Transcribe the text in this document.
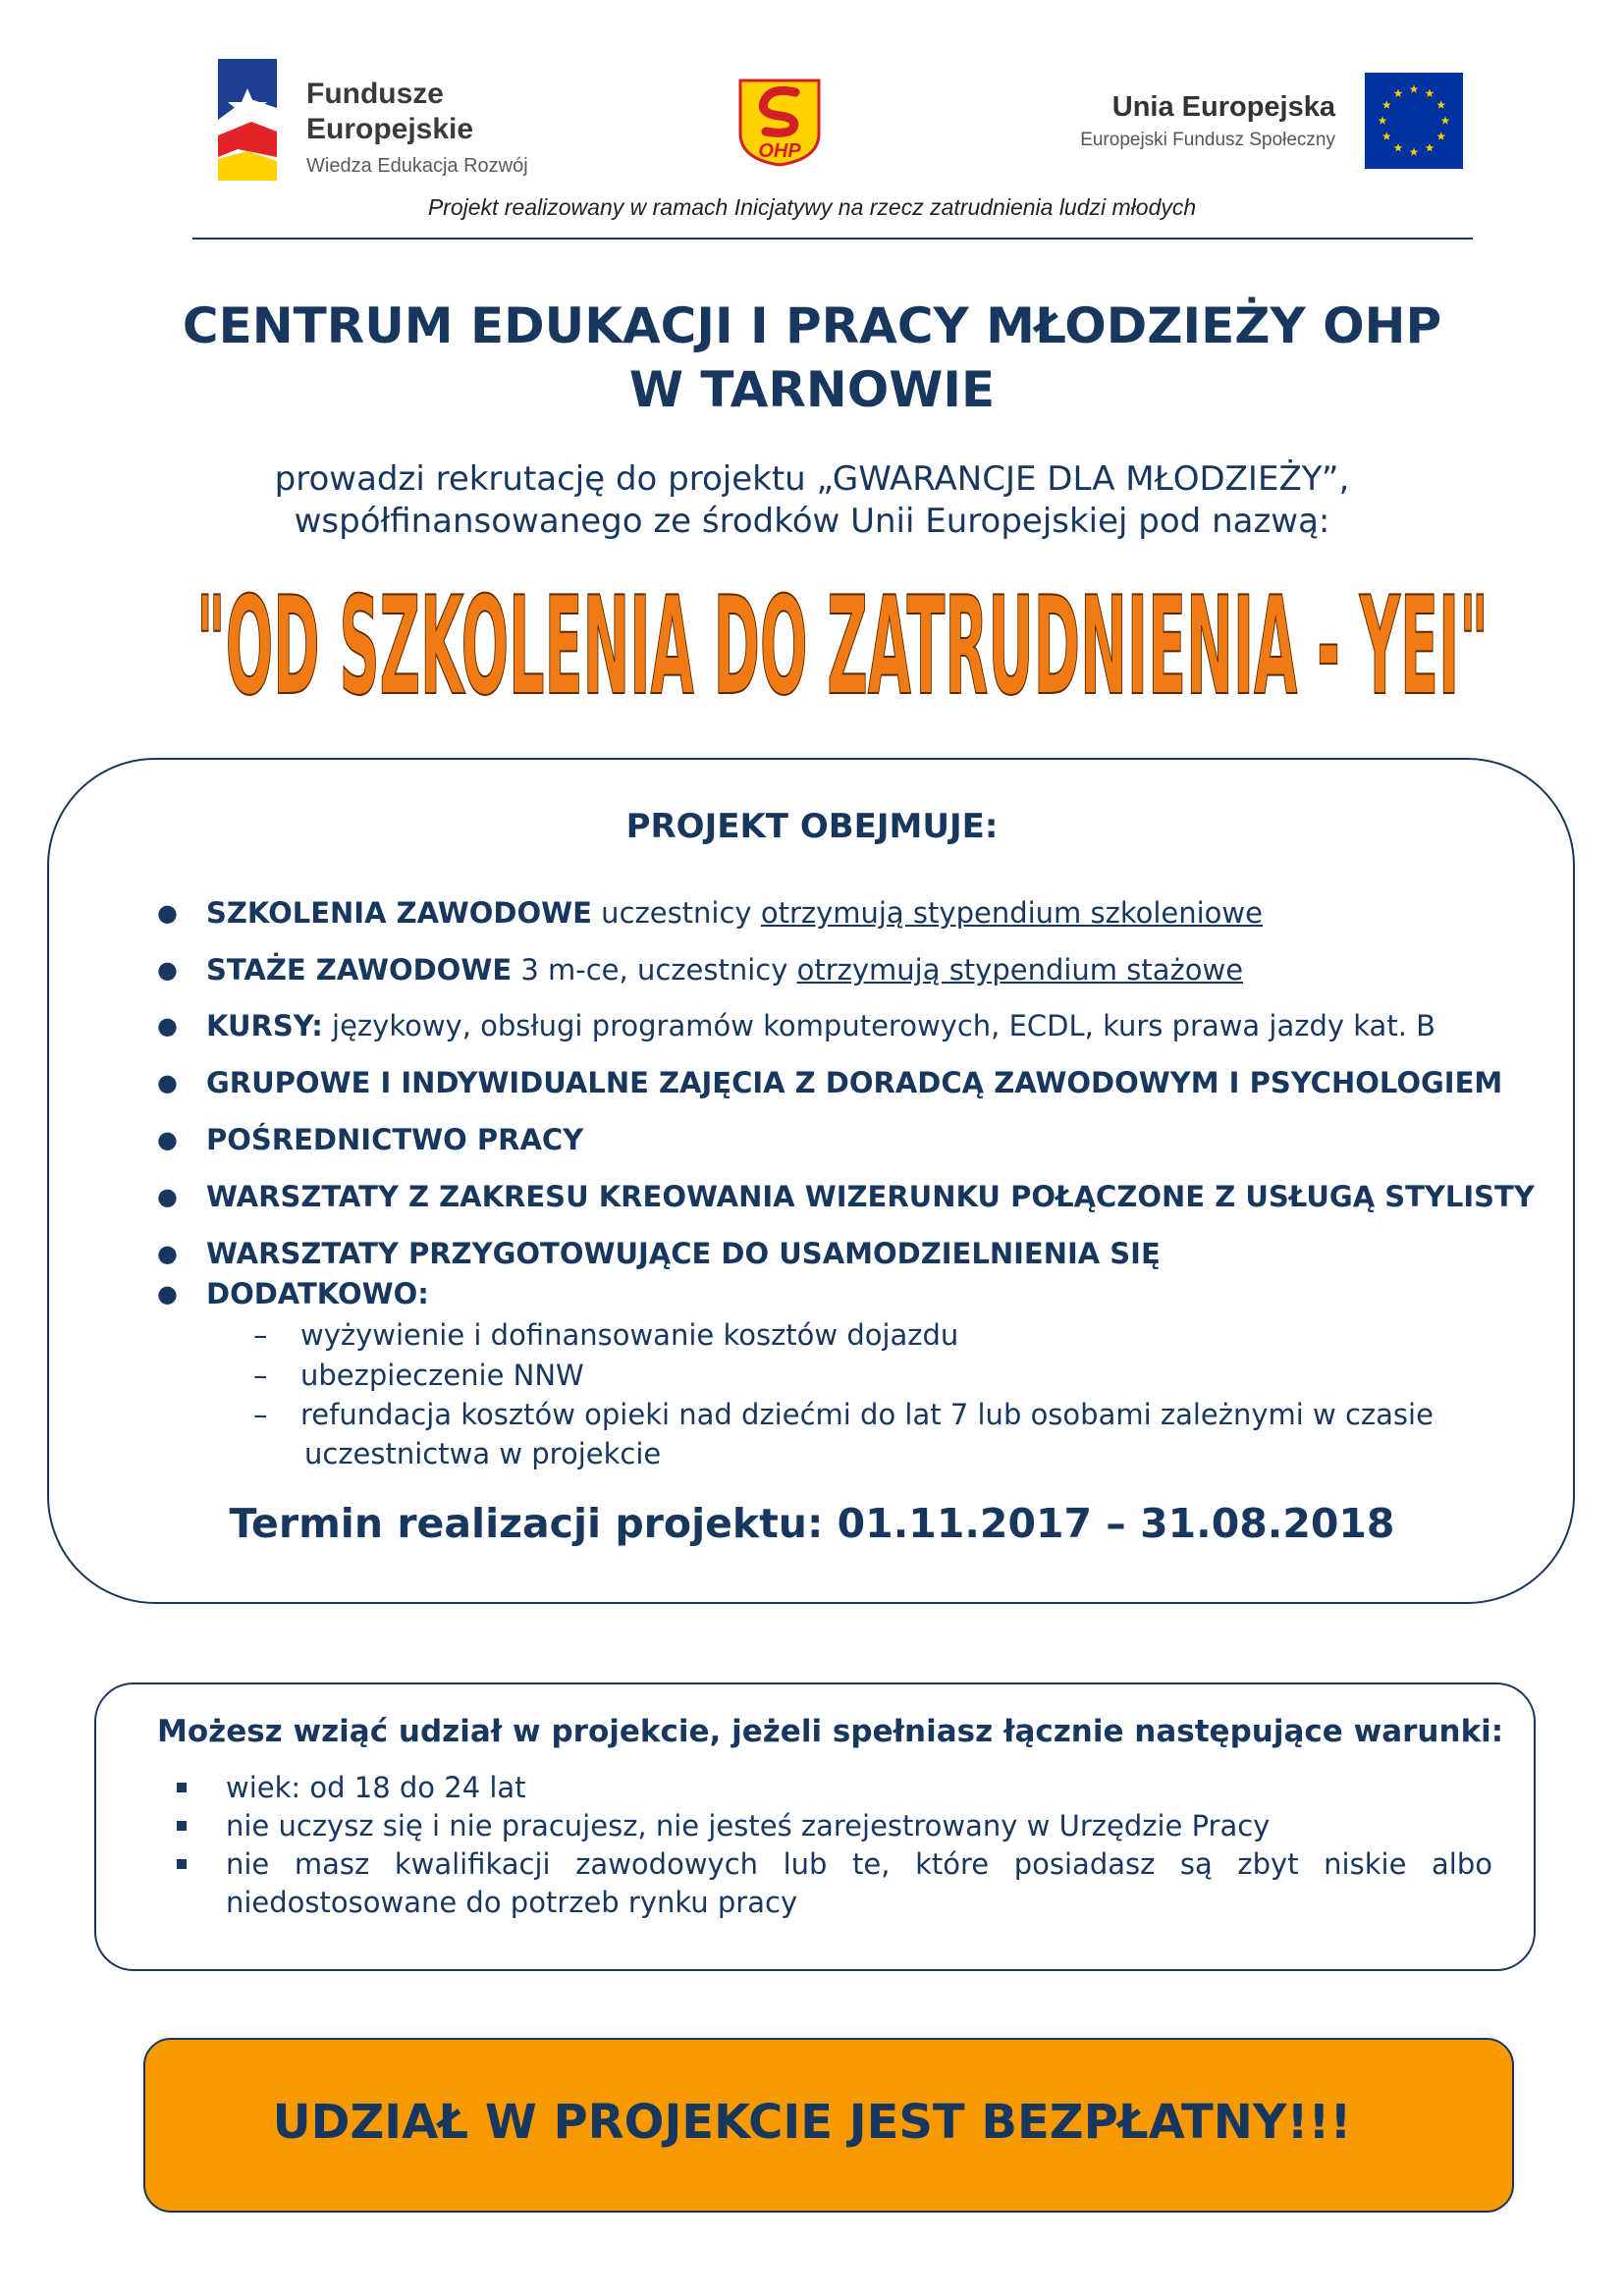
Fundusze
Europejskie
Wiedza Edukacja Rozwój
OHP
Unia Europejska
Europejski Fundusz Społeczny
Projekt realizowany w ramach Inicjatywy na rzecz zatrudnienia ludzi młodych
CENTRUM EDUKACJI I PRACY MŁODZIEŻY OHP
W TARNOWIE
prowadzi rekrutację do projektu „GWARANCJE DLA MŁODZIEŻY”,
współfinansowanego ze środków Unii Europejskiej pod nazwą:
"OD SZKOLENIA DO ZATRUDNIENIA - YEI"
PROJEKT OBEJMUJE:
● SZKOLENIA ZAWODOWE uczestnicy otrzymują stypendium szkoleniowe
● STAŻE ZAWODOWE 3 m-ce, uczestnicy otrzymują stypendium stażowe
● KURSY: językowy, obsługi programów komputerowych, ECDL, kurs prawa jazdy kat. B
● GRUPOWE I INDYWIDUALNE ZAJĘCIA Z DORADCĄ ZAWODOWYM I PSYCHOLOGIEM
● POŚREDNICTWO PRACY
● WARSZTATY Z ZAKRESU KREOWANIA WIZERUNKU POŁĄCZONE Z USŁUGĄ STYLISTY
● WARSZTATY PRZYGOTOWUJĄCE DO USAMODZIELNIENIA SIĘ
● DODATKOWO:
– wyżywienie i dofinansowanie kosztów dojazdu
– ubezpieczenie NNW
– refundacja kosztów opieki nad dziećmi do lat 7 lub osobami zależnymi w czasie
uczestnictwa w projekcie
Termin realizacji projektu: 01.11.2017 – 31.08.2018
Możesz wziąć udział w projekcie, jeżeli spełniasz łącznie następujące warunki:
wiek: od 18 do 24 lat
nie uczysz się i nie pracujesz, nie jesteś zarejestrowany w Urzędzie Pracy
nie masz kwalifikacji zawodowych lub te, które posiadasz są zbyt niskie albo niedostosowane do potrzeb rynku pracy
UDZIAŁ W PROJEKCIE JEST BEZPŁATNY!!!
